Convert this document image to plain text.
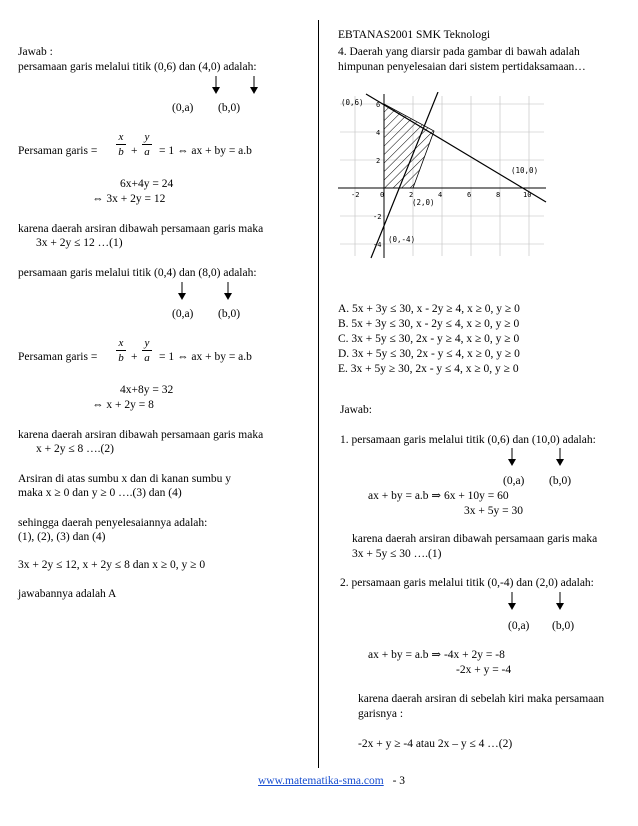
Jawab :
persamaan garis melalui titik (0,6) dan (4,0) adalah:
(0,a) (b,0)
Persaman garis =
x
b +
y
a = 1 ⇔ ax + by = a.b
6x+4y = 24
⇔ 3x + 2y = 12
karena daerah arsiran dibawah persamaan garis maka
3x + 2y ≤ 12 …(1)
persamaan garis melalui titik (0,4) dan (8,0) adalah:
(0,a) (b,0)
Persaman garis =
x
b +
y
a = 1 ⇔ ax + by = a.b
4x+8y = 32
⇔ x + 2y = 8
karena daerah arsiran dibawah persamaan garis maka
x + 2y ≤ 8 ….(2)
Arsiran di atas sumbu x dan di kanan sumbu y
maka x ≥ 0 dan y ≥ 0 ….(3) dan (4)
sehingga daerah penyelesaiannya adalah:
(1), (2), (3) dan (4)
3x + 2y ≤ 12, x + 2y ≤ 8 dan x ≥ 0, y ≥ 0
jawabannya adalah A
EBTANAS2001 SMK Teknologi
4. Daerah yang diarsir pada gambar di bawah adalah
himpunan penyelesaian dari sistem pertidaksamaan…
-2	0	2	4	6	8	10
6
4
2
-2
-4
(0,6)
(10,0)
(2,0)
(0,-4)
A. 5x + 3y ≤ 30, x - 2y ≥ 4, x ≥ 0, y ≥ 0
B. 5x + 3y ≤ 30, x - 2y ≤ 4, x ≥ 0, y ≥ 0
C. 3x + 5y ≤ 30, 2x - y ≥ 4, x ≥ 0, y ≥ 0
D. 3x + 5y ≤ 30, 2x - y ≤ 4, x ≥ 0, y ≥ 0
E. 3x + 5y ≥ 30, 2x - y ≤ 4, x ≥ 0, y ≥ 0
Jawab:
1. persamaan garis melalui titik (0,6) dan (10,0) adalah:
(0,a) (b,0)
ax + by = a.b ⇒ 6x + 10y = 60
3x + 5y = 30
karena daerah arsiran dibawah persamaan garis maka
3x + 5y ≤ 30 ….(1)
2. persamaan garis melalui titik (0,-4) dan (2,0) adalah:
(0,a) (b,0)
ax + by = a.b ⇒ -4x + 2y = -8
-2x + y = -4
karena daerah arsiran di sebelah kiri maka persamaan
garisnya :
-2x + y ≥ -4 atau 2x – y ≤ 4 …(2)
www.matematika-sma.com - 3
